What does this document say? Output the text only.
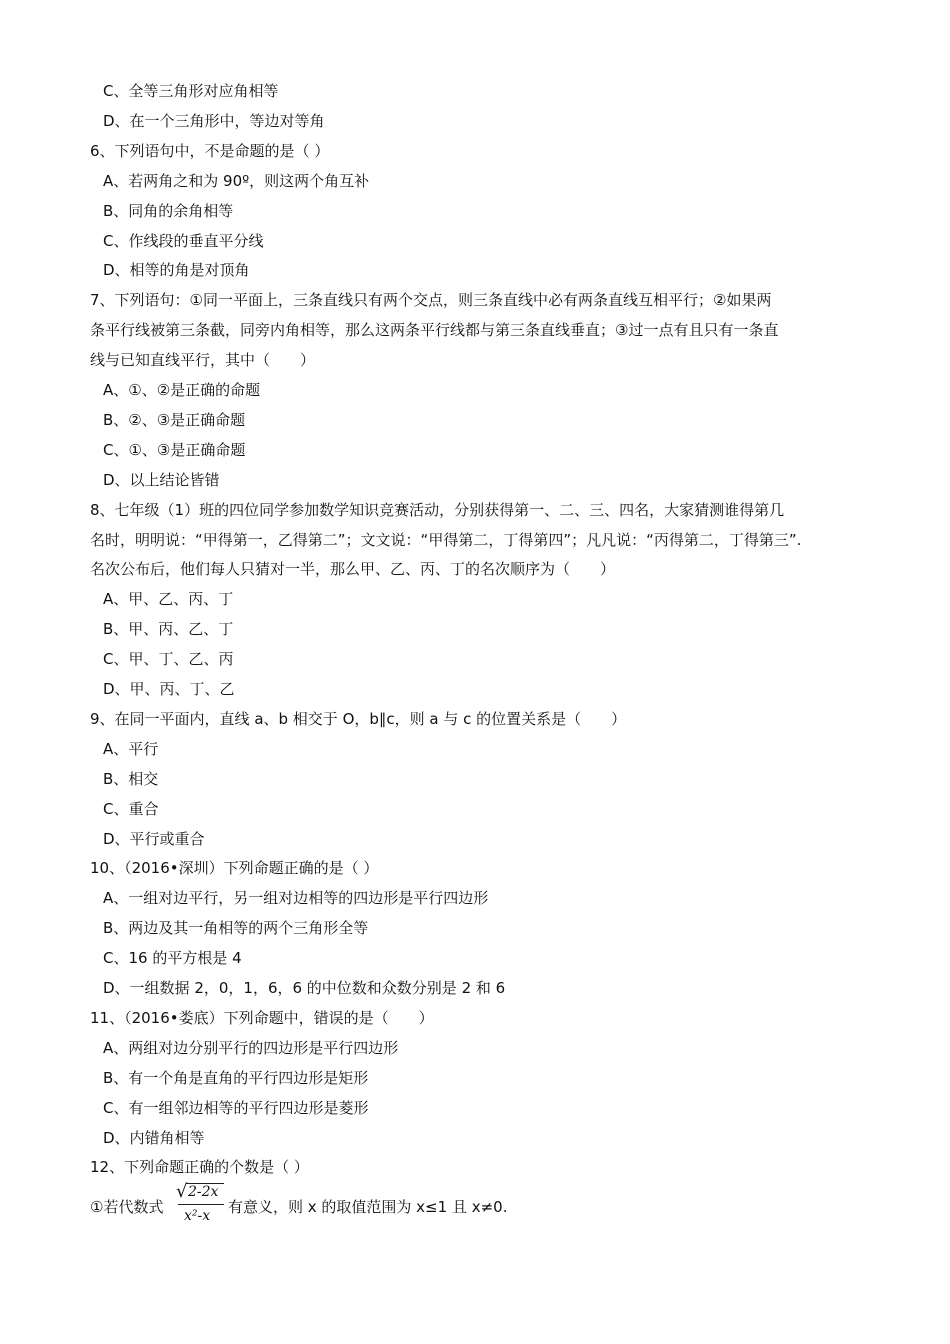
C、全等三角形对应角相等
D、在一个三角形中，等边对等角
6、下列语句中，不是命题的是（ ）
A、若两角之和为 90º，则这两个角互补
B、同角的余角相等
C、作线段的垂直平分线
D、相等的角是对顶角
7、下列语句：①同一平面上，三条直线只有两个交点，则三条直线中必有两条直线互相平行；②如果两
条平行线被第三条截，同旁内角相等，那么这两条平行线都与第三条直线垂直；③过一点有且只有一条直
线与已知直线平行，其中（　　）
A、①、②是正确的命题
B、②、③是正确命题
C、①、③是正确命题
D、以上结论皆错
8、七年级（1）班的四位同学参加数学知识竞赛活动，分别获得第一、二、三、四名，大家猜测谁得第几
名时，明明说：“甲得第一，乙得第二”；文文说：“甲得第二，丁得第四”；凡凡说：“丙得第二，丁得第三”.
名次公布后，他们每人只猜对一半，那么甲、乙、丙、丁的名次顺序为（　　）
A、甲、乙、丙、丁
B、甲、丙、乙、丁
C、甲、丁、乙、丙
D、甲、丙、丁、乙
9、在同一平面内，直线 a、b 相交于 O，b∥c，则 a 与 c 的位置关系是（　　）
A、平行
B、相交
C、重合
D、平行或重合
10、（2016•深圳）下列命题正确的是（ ）
A、一组对边平行，另一组对边相等的四边形是平行四边形
B、两边及其一角相等的两个三角形全等
C、16 的平方根是 4
D、一组数据 2，0，1，6，6 的中位数和众数分别是 2 和 6
11、（2016•娄底）下列命题中，错误的是（　　）
A、两组对边分别平行的四边形是平行四边形
B、有一个角是直角的平行四边形是矩形
C、有一组邻边相等的平行四边形是菱形
D、内错角相等
12、下列命题正确的个数是（ ）
①若代数式
√ 2-2x
x²-x 有意义，则 x 的取值范围为 x≤1 且 x≠0.
